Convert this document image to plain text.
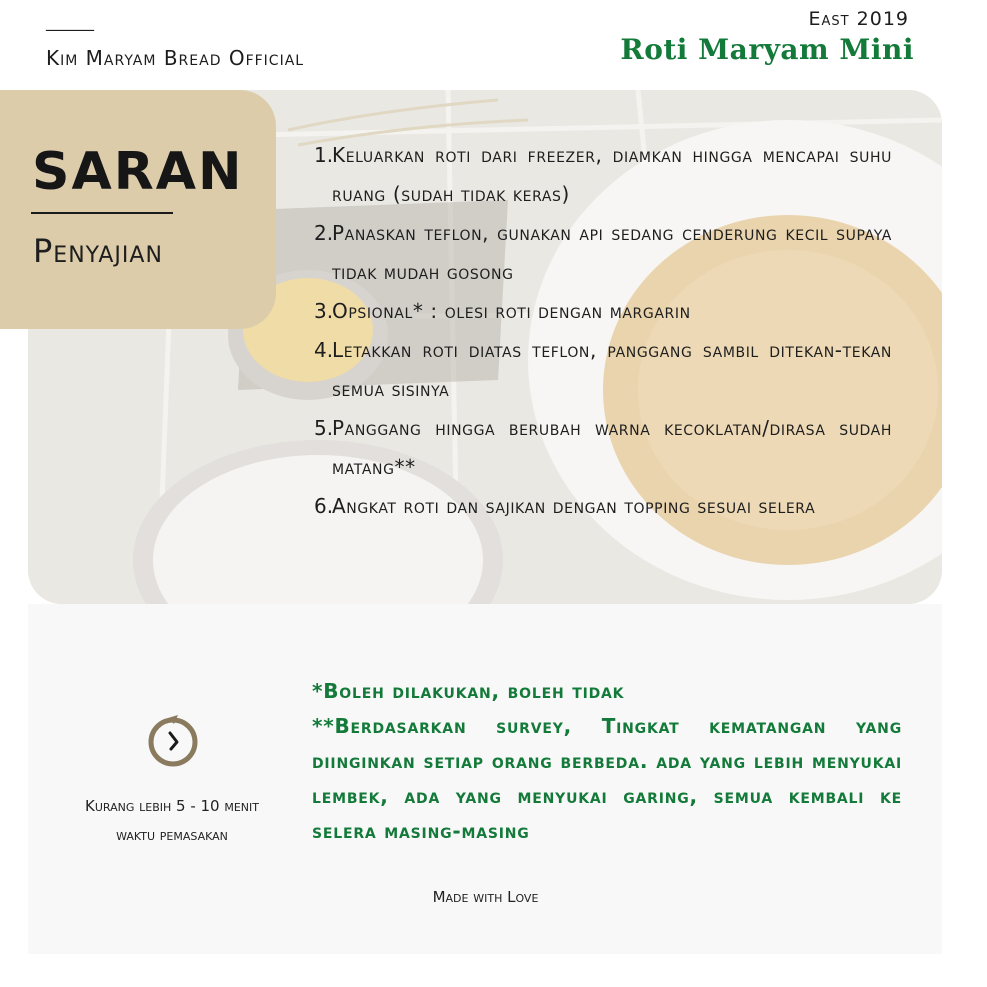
______
Kim Maryam Bread Official
East 2019
Roti Maryam Mini
SARAN
Penyajian
1.
Keluarkan roti dari freezer, diamkan hingga mencapai suhu ruang (sudah tidak keras)
2.
Panaskan teflon, gunakan api sedang cenderung kecil supaya tidak mudah gosong
3.
Opsional* : olesi roti dengan margarin
4.
Letakkan roti diatas teflon, panggang sambil ditekan-tekan semua sisinya
5.
Panggang hingga berubah warna kecoklatan/dirasa sudah matang**
6.
Angkat roti dan sajikan dengan topping sesuai selera
Kurang lebih 5 - 10 menit
waktu pemasakan

*Boleh dilakukan, boleh tidak

**Berdasarkan survey, Tingkat kematangan yang diinginkan setiap orang berbeda. ada yang lebih menyukai lembek, ada yang menyukai garing, semua kembali ke selera masing-masing

Made with Love
